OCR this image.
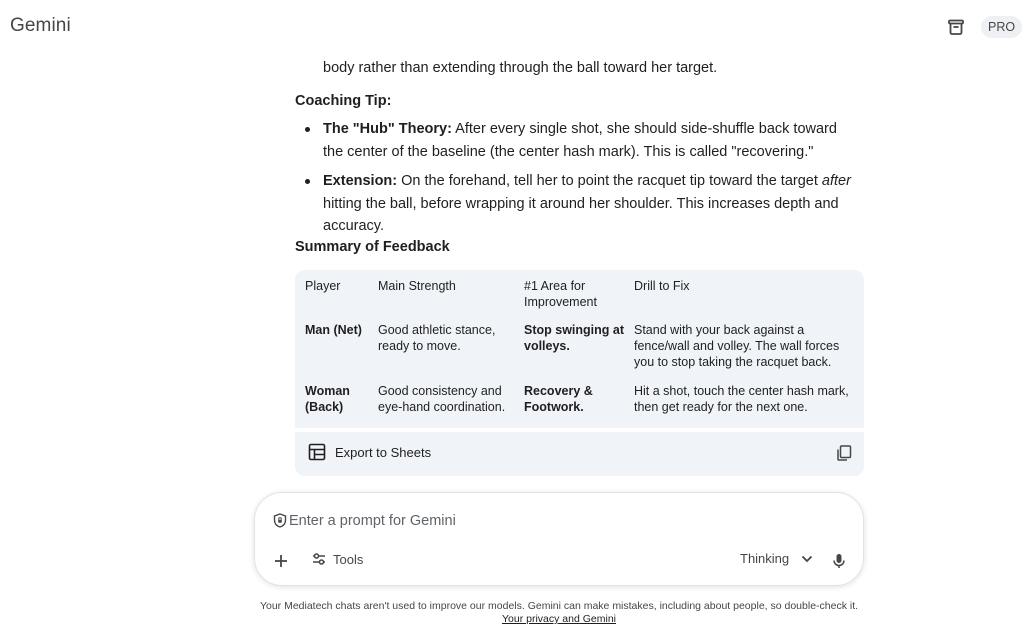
Gemini	PRO

body rather than extending through the ball toward her target.

Coaching Tip:
The "Hub" Theory: After every single shot, she should side-shuffle back toward the center of the baseline (the center hash mark). This is called "recovering."
Extension: On the forehand, tell her to point the racquet tip toward the target after hitting the ball, before wrapping it around her shoulder. This increases depth and accuracy.
Summary of Feedback
Player	Main Strength	#1 Area for Improvement	Drill to Fix
Man (Net)	Good athletic stance, ready to move.	Stop swinging at volleys.	Stand with your back against a fence/wall and volley. The wall forces you to stop taking the racquet back.
Woman (Back)	Good consistency and eye-hand coordination.	Recovery & Footwork.	Hit a shot, touch the center hash mark, then get ready for the next one.
Export to Sheets
Enter a prompt for Gemini
Tools	Thinking
Your Mediatech chats aren't used to improve our models. Gemini can make mistakes, including about people, so double-check it.
Your privacy and Gemini
